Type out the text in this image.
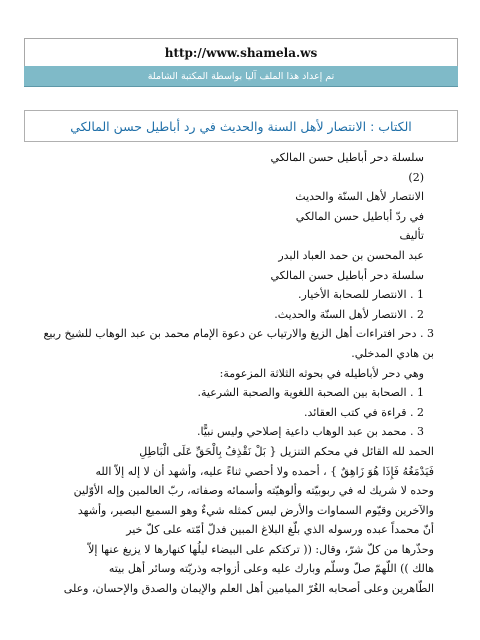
http://www.shamela.ws
تم إعداد هذا الملف آليا بواسطة المكتبة الشاملة
الكتاب : الانتصار لأهل السنة والحديث في رد أباطيل حسن المالكي
سلسلة دحر أباطيل حسن المالكي
(2)
الانتصار لأهل السنّة والحديث
في ردّ أباطيل حسن المالكي
تأليف
عبد المحسن بن حمد العباد البدر
سلسلة دحر أباطيل حسن المالكي
1 . الانتصار للصحابة الأخيار.
2 . الانتصار لأهل السنّة والحديث.
3 . دحر افتراءات أهل الزيغ والارتياب عن دعوة الإمام محمد بن عبد الوهاب للشيخ ربيع
بن هادي المدخلي.
وهي دحر لأباطيله في بحوثه الثلاثة المزعومة:
1 . الصحابة بين الصحبة اللغوية والصحبة الشرعية.
2 . قراءة في كتب العقائد.
3 . محمد بن عبد الوهاب داعية إصلاحي وليس نبيًّا.
الحمد لله القائل في محكم التنزيل { بَلْ نَقْذِفُ بِالْحَقِّ عَلَى الْبَاطِلِ
فَيَدْمَغُهُ فَإِذَا هُوَ زَاهِقٌ } ، أحمده ولا أحصي ثناءً عليه، وأشهد أن لا إله إلاّ الله
وحده لا شريك له في ربوبيّته وألوهيّته وأسمائه وصفاته، ربّ العالمين وإله الأوّلين
والآخرين وقيّوم السماوات والأرض ليس كمثله شيءٌ وهو السميع البصير، وأشهد
أنّ محمداً عبده ورسوله الذي بلّغ البلاغ المبين فدلّ أمّته على كلّ خير
وحذّرها من كلّ شرّ، وقال: (( تركتكم على البيضاء ليلُها كنهارها لا يزيغ عنها إلاّ
هالك )) اللّهمّ صلّ وسلّم وبارك عليه وعلى أزواجه وذريّته وسائر أهل بيته
الطّاهرين وعلى أصحابه الغُرّ الميامين أهل العلم والإيمان والصدق والإحسان، وعلى
